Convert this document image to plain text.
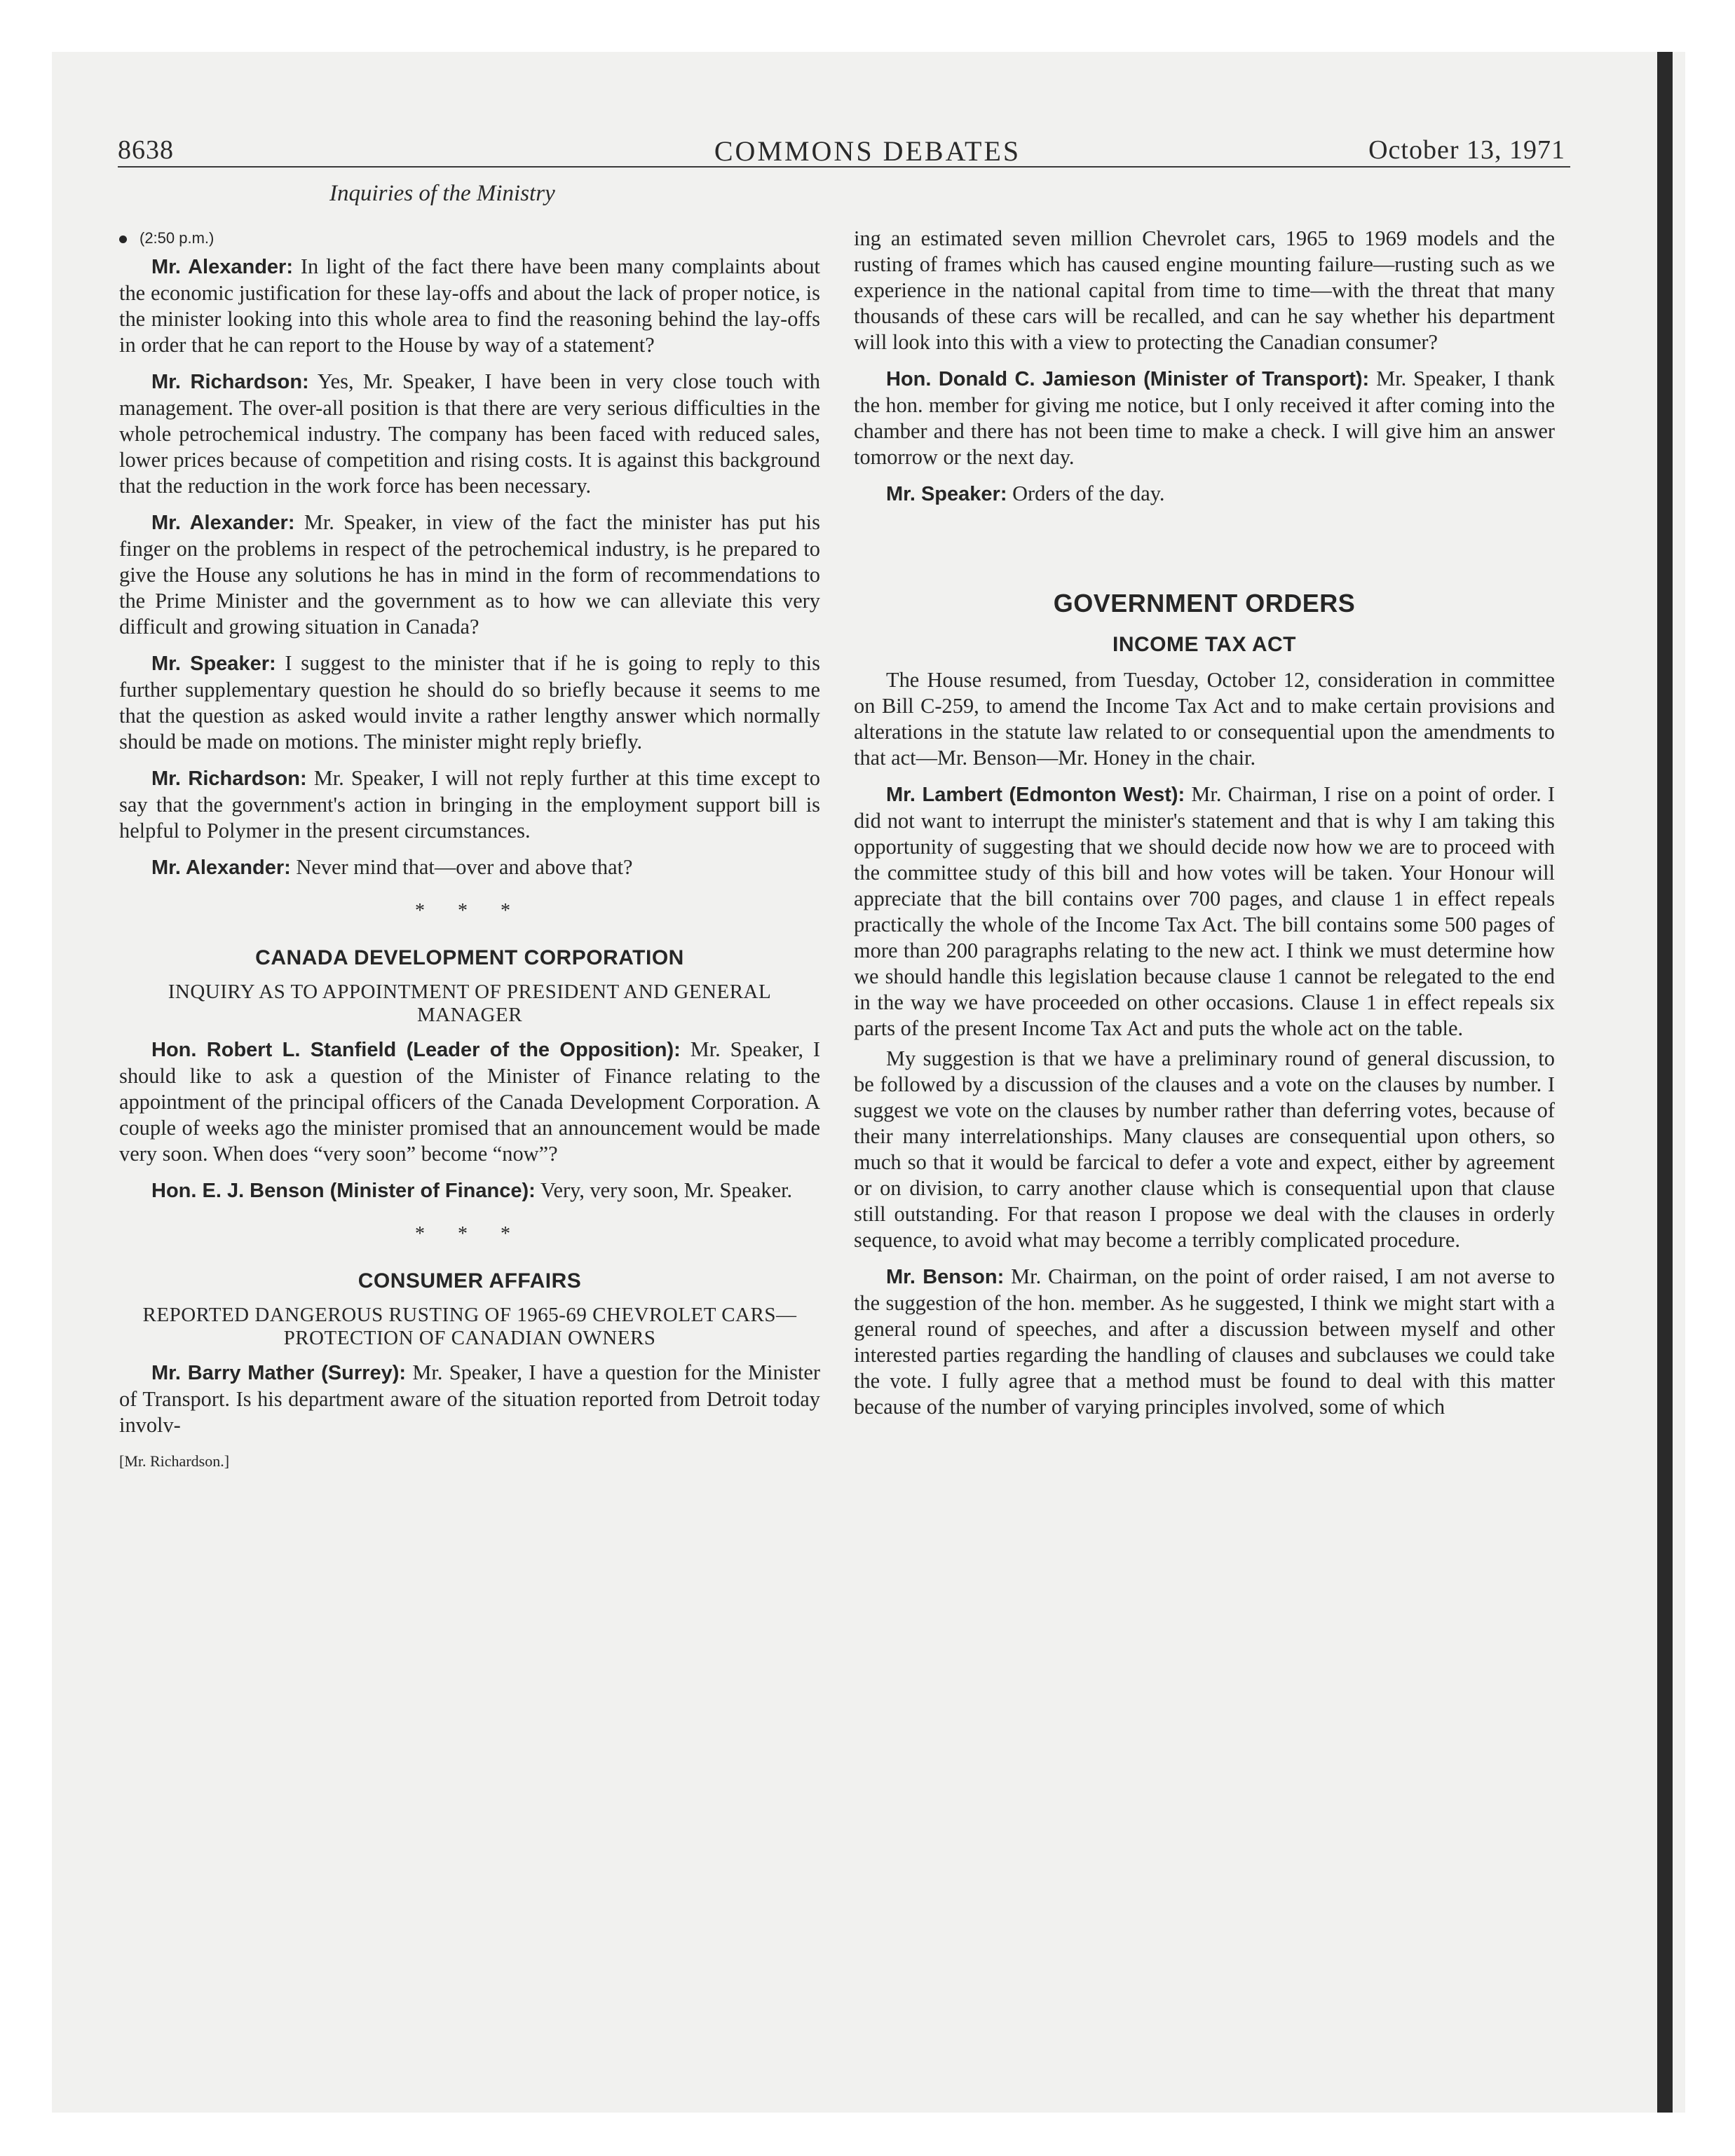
8638	COMMONS DEBATES	October 13, 1971
Inquiries of the Ministry

(2:50 p.m.)

Mr. Alexander: In light of the fact there have been many complaints about the economic justification for these lay-offs and about the lack of proper notice, is the minister looking into this whole area to find the reasoning behind the lay-offs in order that he can report to the House by way of a statement?

Mr. Richardson: Yes, Mr. Speaker, I have been in very close touch with management. The over-all position is that there are very serious difficulties in the whole petrochemical industry. The company has been faced with reduced sales, lower prices because of competition and rising costs. It is against this background that the reduction in the work force has been necessary.

Mr. Alexander: Mr. Speaker, in view of the fact the minister has put his finger on the problems in respect of the petrochemical industry, is he prepared to give the House any solutions he has in mind in the form of recommendations to the Prime Minister and the government as to how we can alleviate this very difficult and growing situation in Canada?

Mr. Speaker: I suggest to the minister that if he is going to reply to this further supplementary question he should do so briefly because it seems to me that the question as asked would invite a rather lengthy answer which normally should be made on motions. The minister might reply briefly.

Mr. Richardson: Mr. Speaker, I will not reply further at this time except to say that the government's action in bringing in the employment support bill is helpful to Polymer in the present circumstances.

Mr. Alexander: Never mind that—over and above that?

* * *
CANADA DEVELOPMENT CORPORATION
INQUIRY AS TO APPOINTMENT OF PRESIDENT AND GENERAL MANAGER

Hon. Robert L. Stanfield (Leader of the Opposition): Mr. Speaker, I should like to ask a question of the Minister of Finance relating to the appointment of the principal officers of the Canada Development Corporation. A couple of weeks ago the minister promised that an announcement would be made very soon. When does “very soon” become “now”?

Hon. E. J. Benson (Minister of Finance): Very, very soon, Mr. Speaker.

* * *
CONSUMER AFFAIRS
REPORTED DANGEROUS RUSTING OF 1965-69 CHEVROLET CARS—PROTECTION OF CANADIAN OWNERS

Mr. Barry Mather (Surrey): Mr. Speaker, I have a question for the Minister of Transport. Is his department aware of the situation reported from Detroit today involv-

[Mr. Richardson.]

ing an estimated seven million Chevrolet cars, 1965 to 1969 models and the rusting of frames which has caused engine mounting failure—rusting such as we experience in the national capital from time to time—with the threat that many thousands of these cars will be recalled, and can he say whether his department will look into this with a view to protecting the Canadian consumer?

Hon. Donald C. Jamieson (Minister of Transport): Mr. Speaker, I thank the hon. member for giving me notice, but I only received it after coming into the chamber and there has not been time to make a check. I will give him an answer tomorrow or the next day.

Mr. Speaker: Orders of the day.

GOVERNMENT ORDERS
INCOME TAX ACT

The House resumed, from Tuesday, October 12, consideration in committee on Bill C-259, to amend the Income Tax Act and to make certain provisions and alterations in the statute law related to or consequential upon the amendments to that act—Mr. Benson—Mr. Honey in the chair.

Mr. Lambert (Edmonton West): Mr. Chairman, I rise on a point of order. I did not want to interrupt the minister's statement and that is why I am taking this opportunity of suggesting that we should decide now how we are to proceed with the committee study of this bill and how votes will be taken. Your Honour will appreciate that the bill contains over 700 pages, and clause 1 in effect repeals practically the whole of the Income Tax Act. The bill contains some 500 pages of more than 200 paragraphs relating to the new act. I think we must determine how we should handle this legislation because clause 1 cannot be relegated to the end in the way we have proceeded on other occasions. Clause 1 in effect repeals six parts of the present Income Tax Act and puts the whole act on the table.

My suggestion is that we have a preliminary round of general discussion, to be followed by a discussion of the clauses and a vote on the clauses by number. I suggest we vote on the clauses by number rather than deferring votes, because of their many interrelationships. Many clauses are consequential upon others, so much so that it would be farcical to defer a vote and expect, either by agreement or on division, to carry another clause which is consequential upon that clause still outstanding. For that reason I propose we deal with the clauses in orderly sequence, to avoid what may become a terribly complicated procedure.

Mr. Benson: Mr. Chairman, on the point of order raised, I am not averse to the suggestion of the hon. member. As he suggested, I think we might start with a general round of speeches, and after a discussion between myself and other interested parties regarding the handling of clauses and subclauses we could take the vote. I fully agree that a method must be found to deal with this matter because of the number of varying principles involved, some of which
